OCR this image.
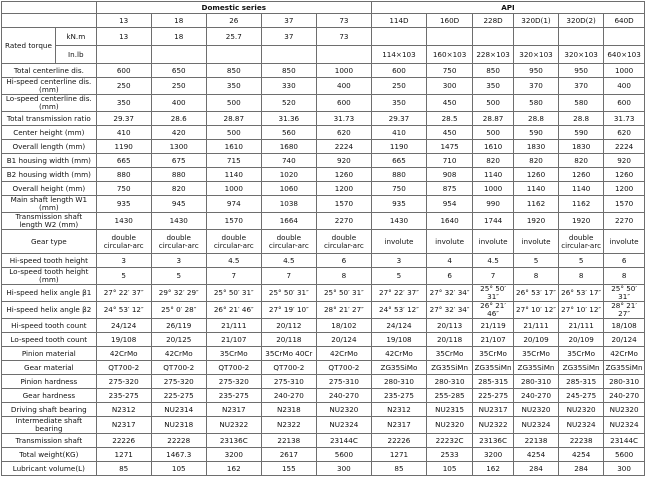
		Domestic series					API					
		13	18	26	37	73	114D	160D	228D	320D(1)	320D(2)	640D
Rated torque	kN.m	13	18	25.7	37	73						
	In.lb						114×103	160×103	228×103	320×103	320×103	640×103
Total centerline dis.		600	650	850	850	1000	600	750	850	950	950	1000
Hi-speed centerline dis. (mm)		250	250	350	330	400	250	300	350	370	370	400
Lo-speed centerline dis. (mm)		350	400	500	520	600	350	450	500	580	580	600
Total transmission ratio		29.37	28.6	28.87	31.36	31.73	29.37	28.5	28.87	28.8	28.8	31.73
Center height (mm)		410	420	500	560	620	410	450	500	590	590	620
Overall length (mm)		1190	1300	1610	1680	2224	1190	1475	1610	1830	1830	2224
B1 housing width (mm)		665	675	715	740	920	665	710	820	820	820	920
B2 housing width (mm)		880	880	1140	1020	1260	880	908	1140	1260	1260	1260
Overall height (mm)		750	820	1000	1060	1200	750	875	1000	1140	1140	1200
Main shaft length W1 (mm)		935	945	974	1038	1570	935	954	990	1162	1162	1570
Transmission shaft length W2 (mm)		1430	1430	1570	1664	2270	1430	1640	1744	1920	1920	2270
Gear type		double circular-arc	double circular-arc	double circular-arc	double circular-arc	double circular-arc	involute	involute	involute	involute	double circular-arc	involute
Hi-speed tooth height		3	3	4.5	4.5	6	3	4	4.5	5	5	6
Lo-speed tooth height (mm)		5	5	7	7	8	5	6	7	8	8	8
Hi-speed helix angle β1		27° 22′ 37″	29° 32′ 29″	25° 50′ 31″	25° 50′ 31″	25° 50′ 31″	27° 22′ 37″	27° 32′ 34″	25° 50′ 31″	26° 53′ 17″	26° 53′ 17″	25° 50′ 31″
Hi-speed helix angle β2		24° 53′ 12″	25° 0′ 28″	26° 21′ 46″	27° 19′ 10″	28° 21′ 27″	24° 53′ 12″	27° 32′ 34″	26° 21′ 46″	27° 10′ 12″	27° 10′ 12″	28° 21′ 27″
Hi-speed tooth count		24/124	26/119	21/111	20/112	18/102	24/124	20/113	21/119	21/111	21/111	18/108
Lo-speed tooth count		19/108	20/125	21/107	20/118	20/124	19/108	20/118	21/107	20/109	20/109	20/124
Pinion material		42CrMo	42CrMo	35CrMo	35CrMo 40Cr	42CrMo	42CrMo	35CrMo	35CrMo	35CrMo	35CrMo	42CrMo
Gear material		QT700-2	QT700-2	QT700-2	QT700-2	QT700-2	ZG35SiMo	ZG35SiMn	ZG35SiMn	ZG35SiMn	ZG35SiMn	ZG35SiMn
Pinion hardness		275-320	275-320	275-320	275-310	275-310	280-310	280-310	285-315	280-310	285-315	280-310
Gear hardness		235-275	225-275	235-275	240-270	240-270	235-275	255-285	225-275	240-270	245-275	240-270
Driving shaft bearing		N2312	NU2314	N2317	N2318	NU2320	N2312	NU2315	NU2317	NU2320	NU2320	NU2320
Intermediate shaft bearing		N2317	NU2318	NU2322	N2322	NU2324	N2317	NU2320	NU2322	NU2324	NU2324	NU2324
Transmission shaft		22226	22228	23136C	22138	23144C	22226	22232C	23136C	22138	22238	23144C
Total weight(KG)		1271	1467.3	3200	2617	5600	1271	2533	3200	4254	4254	5600
Lubricant volume(L)		85	105	162	155	300	85	105	162	284	284	300
